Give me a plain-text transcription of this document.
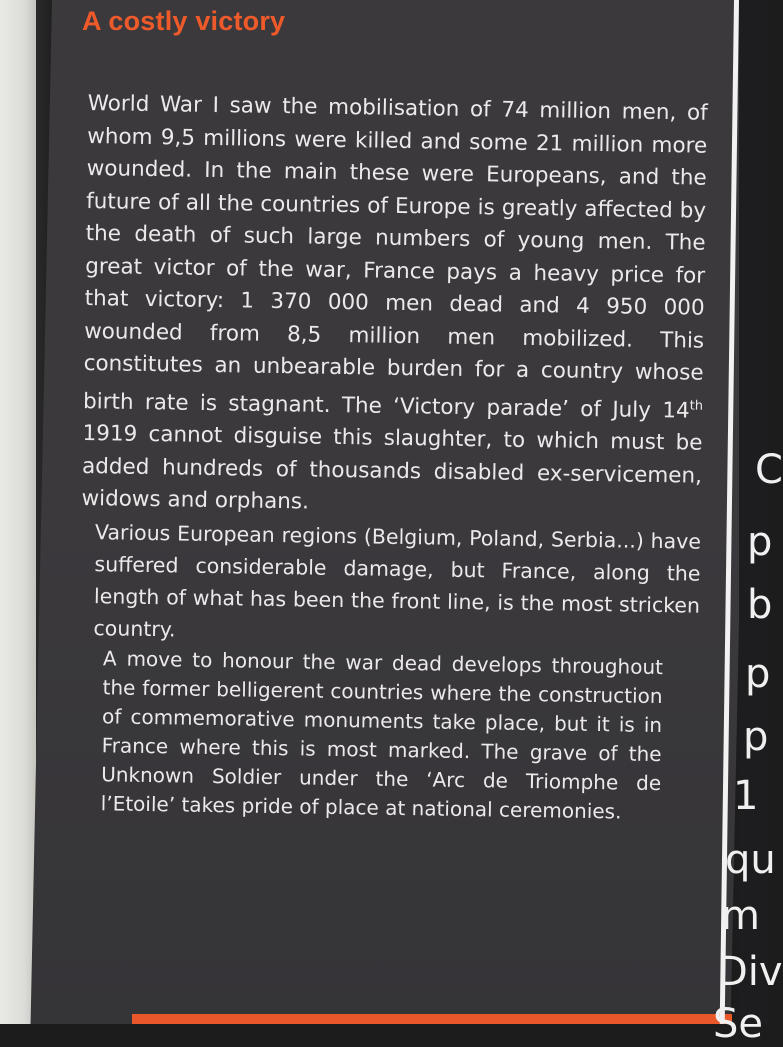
A costly victory

World War I saw the mobilisation of 74 million men, of whom 9,5 millions were killed and some 21 million more wounded. In the main these were Europeans, and the future of all the countries of Europe is greatly affected by the death of such large numbers of young men. The great victor of the war, France pays a heavy price for that victory: 1 370 000 men dead and 4 950 000 wounded from 8,5 million men mobilized. This constitutes an unbearable burden for a country whose birth rate is stagnant. The ‘Victory parade’ of July 14th 1919 cannot disguise this slaughter, to which must be added hundreds of thousands disabled ex-servicemen, widows and orphans.

Various European regions (Belgium, Poland, Serbia...) have suffered considerable damage, but France, along the length of what has been the front line, is the most stricken country.

A move to honour the war dead develops throughout the former belligerent countries where the construction of commemorative monuments take place, but it is in France where this is most marked. The grave of the Unknown Soldier under the ‘Arc de Triomphe de l’Etoile’ takes pride of place at national ceremonies.

C
p
b
p
p
1
qu
m
Div
Se
